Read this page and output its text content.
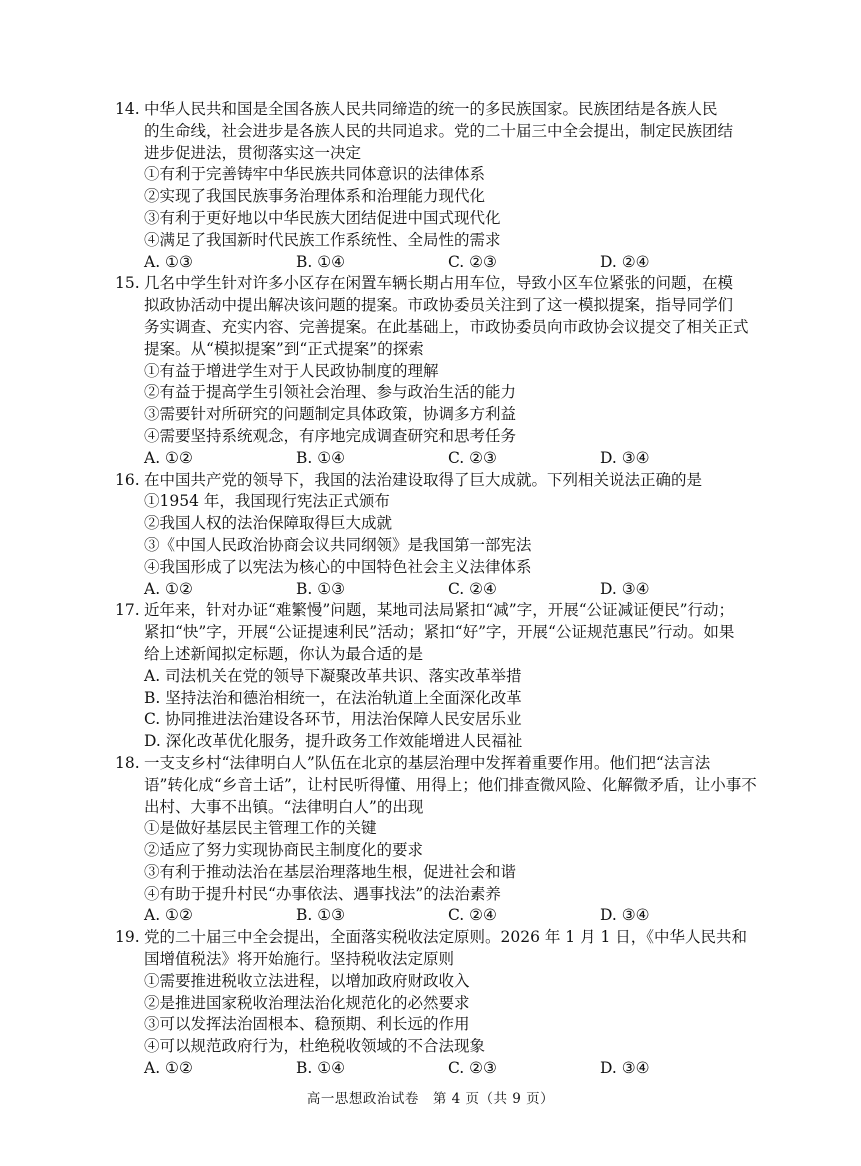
14. 中华人民共和国是全国各族人民共同缔造的统一的多民族国家。民族团结是各族人民
的生命线，社会进步是各族人民的共同追求。党的二十届三中全会提出，制定民族团结
进步促进法，贯彻落实这一决定
①有利于完善铸牢中华民族共同体意识的法律体系
②实现了我国民族事务治理体系和治理能力现代化
③有利于更好地以中华民族大团结促进中国式现代化
④满足了我国新时代民族工作系统性、全局性的需求
A. ①③	B. ①④	C. ②③	D. ②④
15. 几名中学生针对许多小区存在闲置车辆长期占用车位，导致小区车位紧张的问题，在模
拟政协活动中提出解决该问题的提案。市政协委员关注到了这一模拟提案，指导同学们
务实调查、充实内容、完善提案。在此基础上，市政协委员向市政协会议提交了相关正式
提案。从“模拟提案”到“正式提案”的探索
①有益于增进学生对于人民政协制度的理解
②有益于提高学生引领社会治理、参与政治生活的能力
③需要针对所研究的问题制定具体政策，协调多方利益
④需要坚持系统观念，有序地完成调查研究和思考任务
A. ①②	B. ①④	C. ②③	D. ③④
16. 在中国共产党的领导下，我国的法治建设取得了巨大成就。下列相关说法正确的是
①1954 年，我国现行宪法正式颁布
②我国人权的法治保障取得巨大成就
③《中国人民政治协商会议共同纲领》是我国第一部宪法
④我国形成了以宪法为核心的中国特色社会主义法律体系
A. ①②	B. ①③	C. ②④	D. ③④
17. 近年来，针对办证“难繁慢”问题，某地司法局紧扣“减”字，开展“公证减证便民”行动；
紧扣“快”字，开展“公证提速利民”活动；紧扣“好”字，开展“公证规范惠民”行动。如果
给上述新闻拟定标题，你认为最合适的是
A. 司法机关在党的领导下凝聚改革共识、落实改革举措
B. 坚持法治和德治相统一，在法治轨道上全面深化改革
C. 协同推进法治建设各环节，用法治保障人民安居乐业
D. 深化改革优化服务，提升政务工作效能增进人民福祉
18. 一支支乡村“法律明白人”队伍在北京的基层治理中发挥着重要作用。他们把“法言法
语”转化成“乡音土话”，让村民听得懂、用得上；他们排查微风险、化解微矛盾，让小事不
出村、大事不出镇。“法律明白人”的出现
①是做好基层民主管理工作的关键
②适应了努力实现协商民主制度化的要求
③有利于推动法治在基层治理落地生根，促进社会和谐
④有助于提升村民“办事依法、遇事找法”的法治素养
A. ①②	B. ①③	C. ②④	D. ③④
19. 党的二十届三中全会提出，全面落实税收法定原则。2026 年 1 月 1 日，《中华人民共和
国增值税法》将开始施行。坚持税收法定原则
①需要推进税收立法进程，以增加政府财政收入
②是推进国家税收治理法治化规范化的必然要求
③可以发挥法治固根本、稳预期、利长远的作用
④可以规范政府行为，杜绝税收领域的不合法现象
A. ①②	B. ①④	C. ②③	D. ③④
高一思想政治试卷　第 4 页（共 9 页）
